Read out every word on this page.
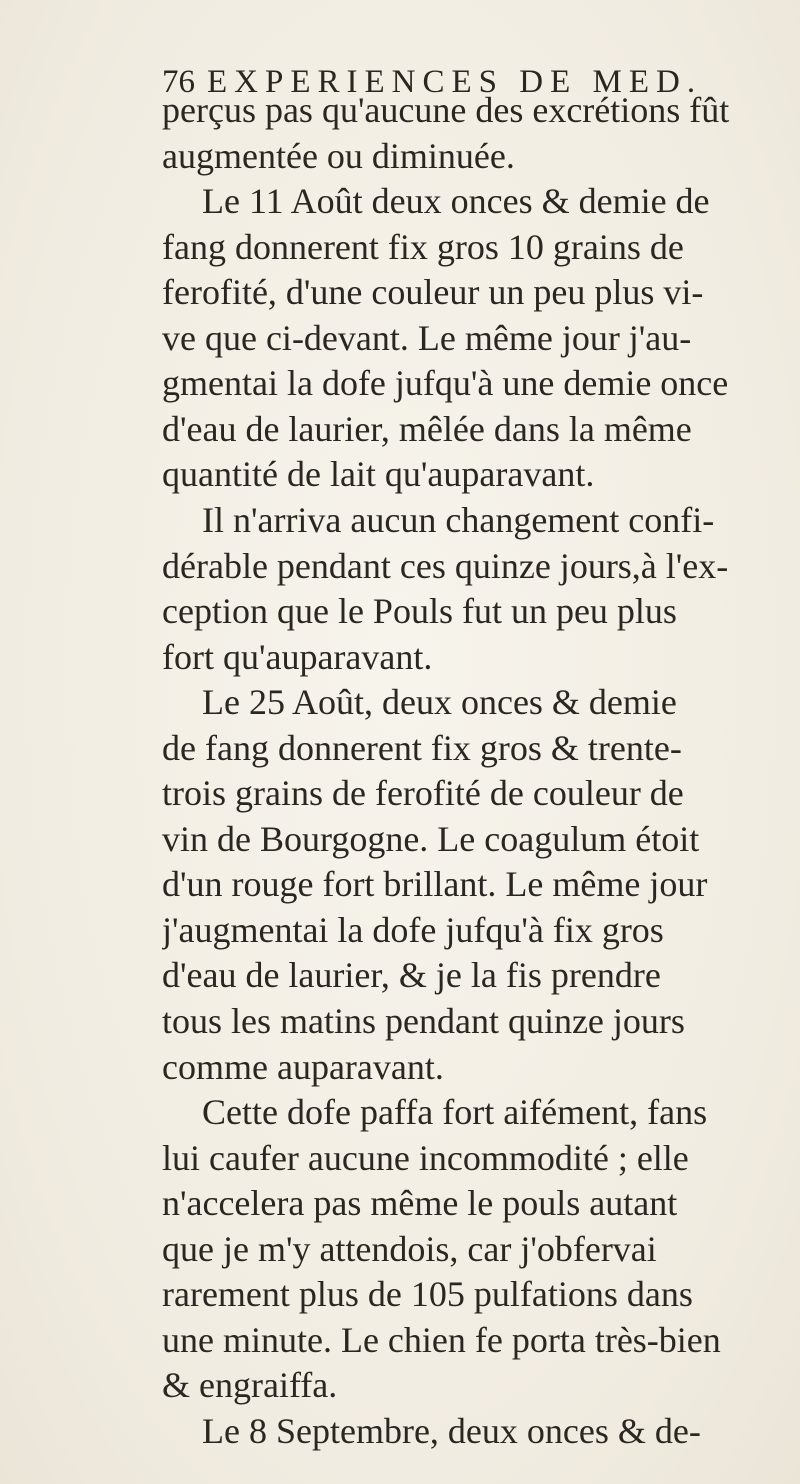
76 EXPERIENCES DE MED.
perçus pas qu'aucune des excrétions fût
augmentée ou diminuée.
Le 11 Août deux onces & demie de
fang donnerent fix gros 10 grains de
ferofité, d'une couleur un peu plus vi-
ve que ci-devant. Le même jour j'au-
gmentai la dofe jufqu'à une demie once
d'eau de laurier, mêlée dans la même
quantité de lait qu'auparavant.
Il n'arriva aucun changement confi-
dérable pendant ces quinze jours,à l'ex-
ception que le Pouls fut un peu plus
fort qu'auparavant.
Le 25 Août, deux onces & demie
de fang donnerent fix gros & trente-
trois grains de ferofité de couleur de
vin de Bourgogne. Le coagulum étoit
d'un rouge fort brillant. Le même jour
j'augmentai la dofe jufqu'à fix gros
d'eau de laurier, & je la fis prendre
tous les matins pendant quinze jours
comme auparavant.
Cette dofe paffa fort aifément, fans
lui caufer aucune incommodité ; elle
n'accelera pas même le pouls autant
que je m'y attendois, car j'obfervai
rarement plus de 105 pulfations dans
une minute. Le chien fe porta très-bien
& engraiffa.
Le 8 Septembre, deux onces & de-
